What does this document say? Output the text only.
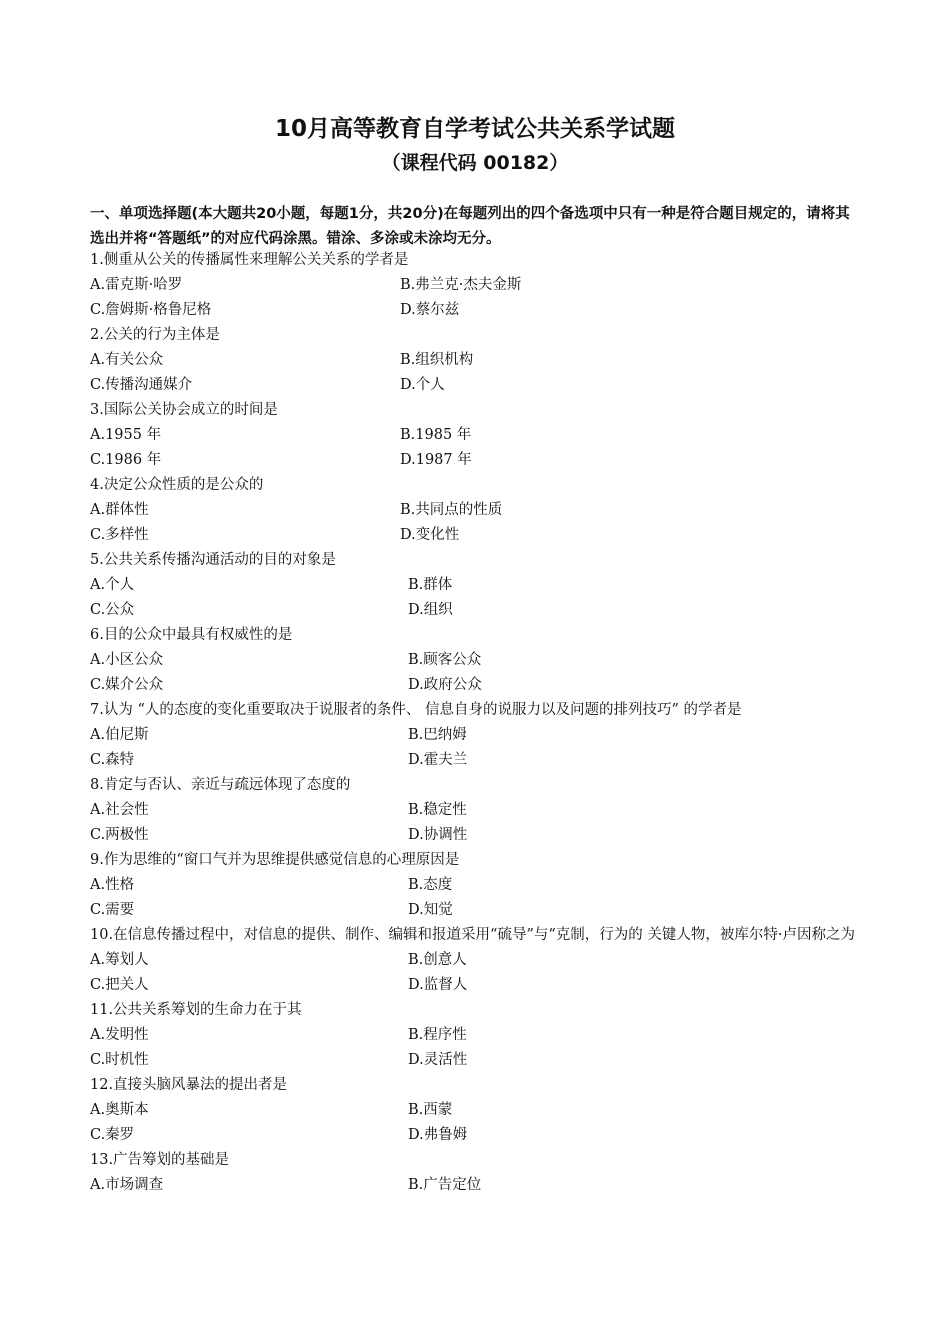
10月高等教育自学考试公共关系学试题
（课程代码 00182）
一、单项选择题(本大题共20小题，每题1分，共20分)在每题列出的四个备选项中只有一种是符合题目规定的，请将其选出并将“答题纸”的对应代码涂黑。错涂、多涂或未涂均无分。
1.侧重从公关的传播属性来理解公关关系的学者是
A.雷克斯·哈罗	B.弗兰克·杰夫金斯
C.詹姆斯·格鲁尼格	D.蔡尔兹
2.公关的行为主体是
A.有关公众	B.组织机构
C.传播沟通媒介	D.个人
3.国际公关协会成立的时间是
A.1955 年	B.1985 年
C.1986 年	D.1987 年
4.决定公众性质的是公众的
A.群体性	B.共同点的性质
C.多样性	D.变化性
5.公共关系传播沟通活动的目的对象是
A.个人	B.群体
C.公众	D.组织
6.目的公众中最具有权威性的是
A.小区公众	B.顾客公众
C.媒介公众	D.政府公众
7.认为 “人的态度的变化重要取决于说服者的条件、 信息自身的说服力以及问题的排列技巧” 的学者是
A.伯尼斯	B.巴纳姆
C.森特	D.霍夫兰
8.肯定与否认、亲近与疏远体现了态度的
A.社会性	B.稳定性
C.两极性	D.协调性
9.作为思维的“窗口气并为思维提供感觉信息的心理原因是
A.性格	B.态度
C.需要	D.知觉
10.在信息传播过程中，对信息的提供、制作、编辑和报道采用“硫导”与“克制，行为的 关键人物，被库尔特·卢因称之为
A.筹划人	B.创意人
C.把关人	D.监督人
11.公共关系筹划的生命力在于其
A.发明性	B.程序性
C.时机性	D.灵活性
12.直接头脑风暴法的提出者是
A.奥斯本	B.西蒙
C.秦罗	D.弗鲁姆
13.广告筹划的基础是
A.市场调查	B.广告定位
